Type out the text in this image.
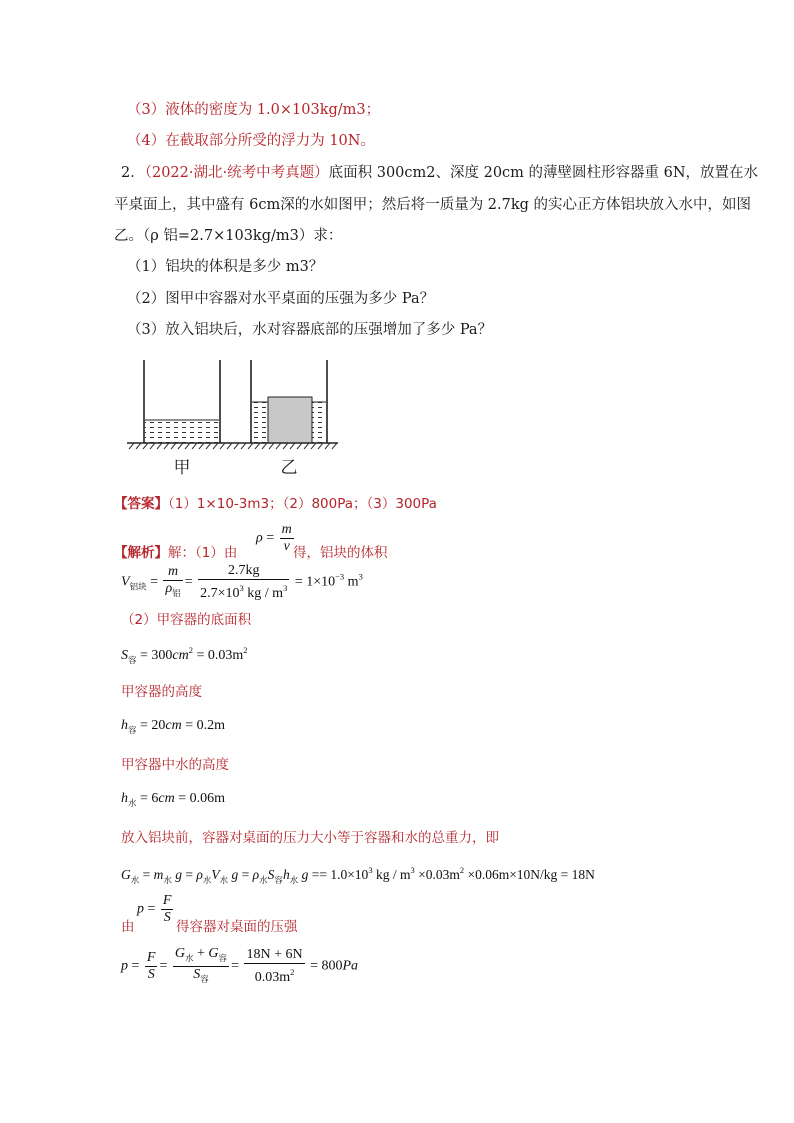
（3）液体的密度为 1.0×103kg/m3；
（4）在截取部分所受的浮力为 10N。
2．（2022·湖北·统考中考真题）底面积 300cm2、深度 20cm 的薄壁圆柱形容器重 6N，放置在水
平桌面上，其中盛有 6cm深的水如图甲；然后将一质量为 2.7kg 的实心正方体铝块放入水中，如图
乙。（ρ 铝=2.7×103kg/m3）求：
（1）铝块的体积是多少 m3？
（2）图甲中容器对水平桌面的压强为多少 Pa？
（3）放入铝块后，水对容器底部的压强增加了多少 Pa？
甲	乙
【答案】（1）1×10-3m3；（2）800Pa；（3）300Pa
【解析】解：（1）由
$\rho = \frac{m}{v}$ 得，铝块的体积
$V_{铝块} = \frac{m}{\rho_铝} = \frac{2.7kg}{2.7\times 10^3 kg / m^3} = 1\times 10^{-3}$ $m^3$
（2）甲容器的底面积
$S_容 = 300cm^2 = 0.03m^2$
甲容器的高度
$h_容 = 20cm = 0.2m$
甲容器中水的高度
$h_水 = 6cm = 0.06m$
放入铝块前，容器对桌面的压力大小等于容器和水的总重力，即
$G_水 = m_水$ $g = \rho_水V_水$ $g = \rho_水S_容h_水$ $g == 1.0\times 10^3$ kg / $m^3 \times 0.03m^2 \times 0.06m\times 10N/kg = 18N$
$p = \frac{F}{S}$
由	得容器对桌面的压强
$p = \frac{F}{S} = \frac{G_水 + G_容}{S_容} = \frac{18N + 6N}{0.03m^2} = 800Pa$
